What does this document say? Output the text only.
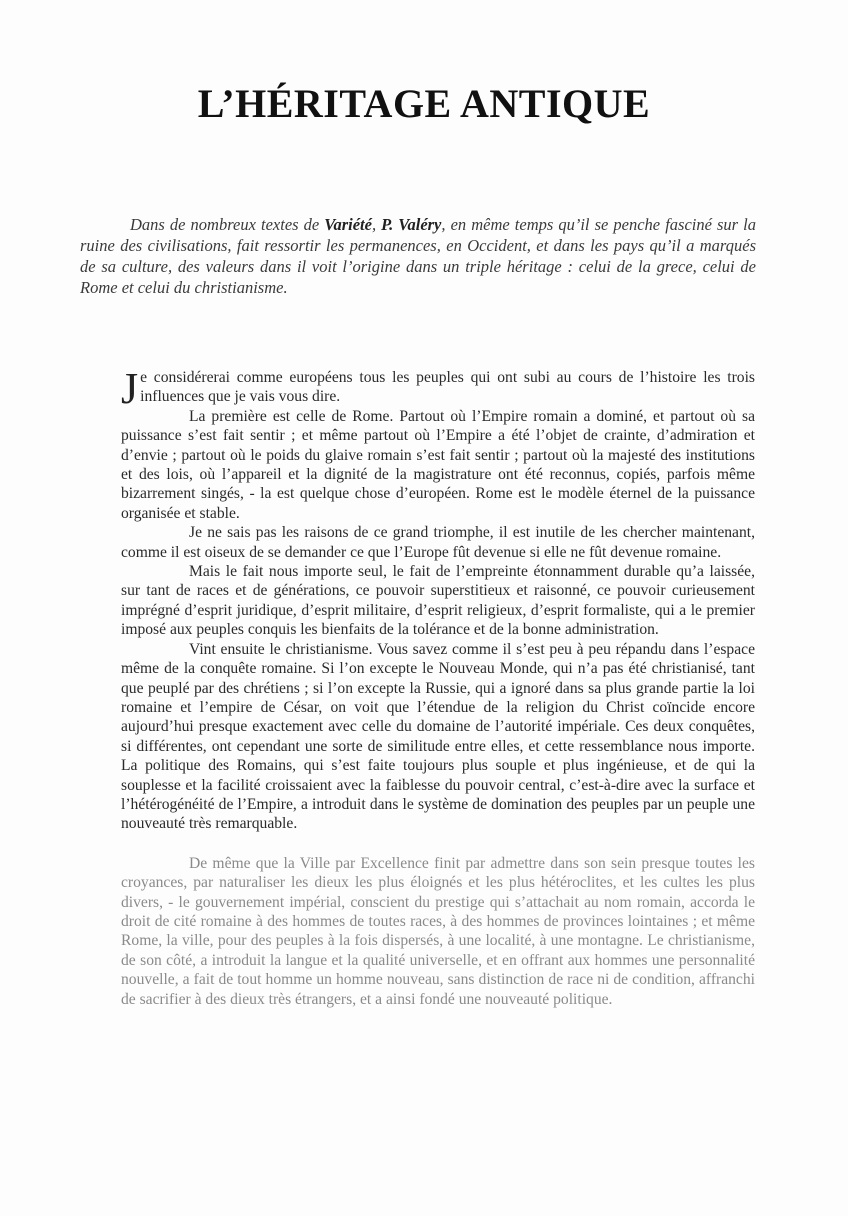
L’HÉRITAGE ANTIQUE

Dans de nombreux textes de Variété, P. Valéry, en même temps qu’il se penche fasciné sur la ruine des civilisations, fait ressortir les permanences, en Occident, et dans les pays qu’il a marqués de sa culture, des valeurs dans il voit l’origine dans un triple héritage : celui de la grece, celui de Rome et celui du christianisme.

Je considérerai comme européens tous les peuples qui ont subi au cours de l’histoire les trois influences que je vais vous dire.

La première est celle de Rome. Partout où l’Empire romain a dominé, et partout où sa puissance s’est fait sentir ; et même partout où l’Empire a été l’objet de crainte, d’admiration et d’envie ; partout où le poids du glaive romain s’est fait sentir ; partout où la majesté des institutions et des lois, où l’appareil et la dignité de la magistrature ont été reconnus, copiés, parfois même bizarrement singés, - la est quelque chose d’européen. Rome est le modèle éternel de la puissance organisée et stable.

Je ne sais pas les raisons de ce grand triomphe, il est inutile de les chercher maintenant, comme il est oiseux de se demander ce que l’Europe fût devenue si elle ne fût devenue romaine.

Mais le fait nous importe seul, le fait de l’empreinte étonnamment durable qu’a laissée, sur tant de races et de générations, ce pouvoir superstitieux et raisonné, ce pouvoir curieusement imprégné d’esprit juridique, d’esprit militaire, d’esprit religieux, d’esprit formaliste, qui a le premier imposé aux peuples conquis les bienfaits de la tolérance et de la bonne administration.

Vint ensuite le christianisme. Vous savez comme il s’est peu à peu répandu dans l’espace même de la conquête romaine. Si l’on excepte le Nouveau Monde, qui n’a pas été christianisé, tant que peuplé par des chrétiens ; si l’on excepte la Russie, qui a ignoré dans sa plus grande partie la loi romaine et l’empire de César, on voit que l’étendue de la religion du Christ coïncide encore aujourd’hui presque exactement avec celle du domaine de l’autorité impériale. Ces deux conquêtes, si différentes, ont cependant une sorte de similitude entre elles, et cette ressemblance nous importe. La politique des Romains, qui s’est faite toujours plus souple et plus ingénieuse, et de qui la souplesse et la facilité croissaient avec la faiblesse du pouvoir central, c’est-à-dire avec la surface et l’hétérogénéité de l’Empire, a introduit dans le système de domination des peuples par un peuple une nouveauté très remarquable.

De même que la Ville par Excellence finit par admettre dans son sein presque toutes les croyances, par naturaliser les dieux les plus éloignés et les plus hétéroclites, et les cultes les plus divers, - le gouvernement impérial, conscient du prestige qui s’attachait au nom romain, accorda le droit de cité romaine à des hommes de toutes races, à des hommes de provinces lointaines ; et même Rome, la ville, pour des peuples à la fois dispersés, à une localité, à une montagne. Le christianisme, de son côté, a introduit la langue et la qualité universelle, et en offrant aux hommes une personnalité nouvelle, a fait de tout homme un homme nouveau, sans distinction de race ni de condition, affranchi de sacrifier à des dieux très étrangers, et a ainsi fondé une nouveauté politique.
